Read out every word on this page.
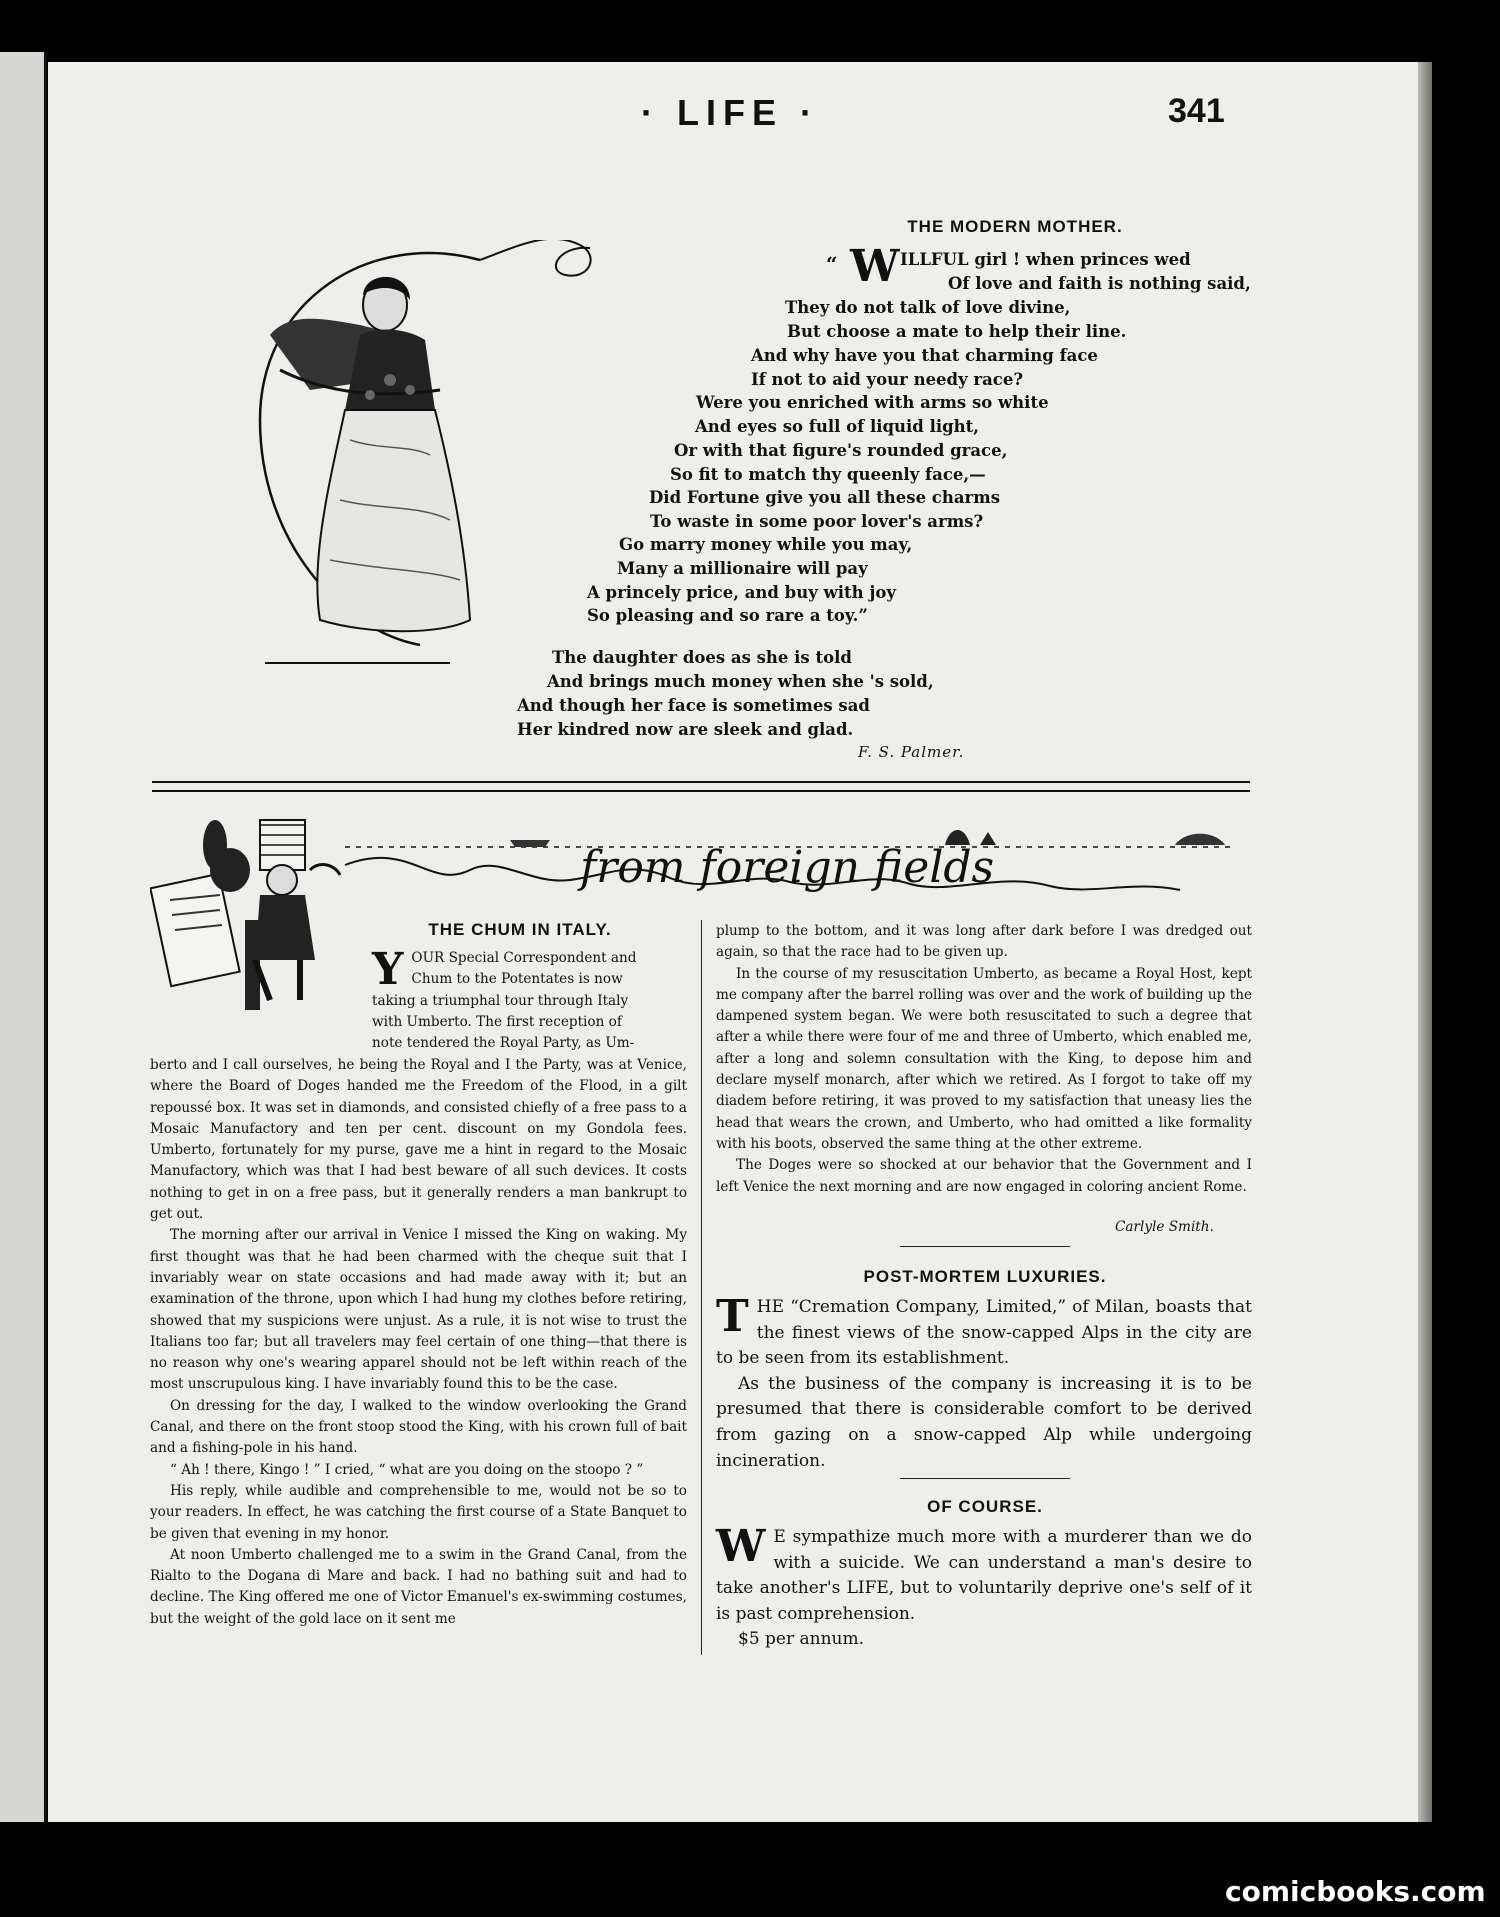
· LIFE ·	341
THE MODERN MOTHER.
“ W ILLFUL girl ! when princes wed
Of love and faith is nothing said,
They do not talk of love divine,
But choose a mate to help their line.
And why have you that charming face
If not to aid your needy race?
Were you enriched with arms so white
And eyes so full of liquid light,
Or with that figure's rounded grace,
So fit to match thy queenly face,—
Did Fortune give you all these charms
To waste in some poor lover's arms?
Go marry money while you may,
Many a millionaire will pay
A princely price, and buy with joy
So pleasing and so rare a toy.”
The daughter does as she is told
And brings much money when she 's sold,
And though her face is sometimes sad
Her kindred now are sleek and glad.
F. S. Palmer.
from foreign fields
THE CHUM IN ITALY.
Y OUR Special Correspondent and
Chum to the Potentates is now
taking a triumphal tour through Italy
with Umberto. The first reception of
note tendered the Royal Party, as Um-

berto and I call ourselves, he being the Royal and I the Party, was at Venice, where the Board of Doges handed me the Freedom of the Flood, in a gilt repoussé box. It was set in diamonds, and consisted chiefly of a free pass to a Mosaic Manufactory and ten per cent. discount on my Gondola fees. Umberto, fortunately for my purse, gave me a hint in regard to the Mosaic Manufactory, which was that I had best beware of all such devices. It costs nothing to get in on a free pass, but it generally renders a man bankrupt to get out.

The morning after our arrival in Venice I missed the King on waking. My first thought was that he had been charmed with the cheque suit that I invariably wear on state occasions and had made away with it; but an examination of the throne, upon which I had hung my clothes before retiring, showed that my suspicions were unjust. As a rule, it is not wise to trust the Italians too far; but all travelers may feel certain of one thing—that there is no reason why one's wearing apparel should not be left within reach of the most unscrupulous king. I have invariably found this to be the case.

On dressing for the day, I walked to the window overlooking the Grand Canal, and there on the front stoop stood the King, with his crown full of bait and a fishing-pole in his hand.

“ Ah ! there, Kingo ! ” I cried, “ what are you doing on the stoopo ? ”

His reply, while audible and comprehensible to me, would not be so to your readers. In effect, he was catching the first course of a State Banquet to be given that evening in my honor.

At noon Umberto challenged me to a swim in the Grand Canal, from the Rialto to the Dogana di Mare and back. I had no bathing suit and had to decline. The King offered me one of Victor Emanuel's ex-swimming costumes, but the weight of the gold lace on it sent me

plump to the bottom, and it was long after dark before I was dredged out again, so that the race had to be given up.

In the course of my resuscitation Umberto, as became a Royal Host, kept me company after the barrel rolling was over and the work of building up the dampened system began. We were both resuscitated to such a degree that after a while there were four of me and three of Umberto, which enabled me, after a long and solemn consultation with the King, to depose him and declare myself monarch, after which we retired. As I forgot to take off my diadem before retiring, it was proved to my satisfaction that uneasy lies the head that wears the crown, and Umberto, who had omitted a like formality with his boots, observed the same thing at the other extreme.

The Doges were so shocked at our behavior that the Government and I left Venice the next morning and are now engaged in coloring ancient Rome.

Carlyle Smith.
POST-MORTEM LUXURIES.

THE “Cremation Company, Limited,” of Milan, boasts that the finest views of the snow-capped Alps in the city are to be seen from its establishment.

As the business of the company is increasing it is to be presumed that there is considerable comfort to be derived from gazing on a snow-capped Alp while undergoing incineration.

OF COURSE.

W E sympathize much more with a murderer than we do with a suicide. We can understand a man's desire to take another's LIFE, but to voluntarily deprive one's self of it is past comprehension.

$5 per annum.

comicbooks.com
